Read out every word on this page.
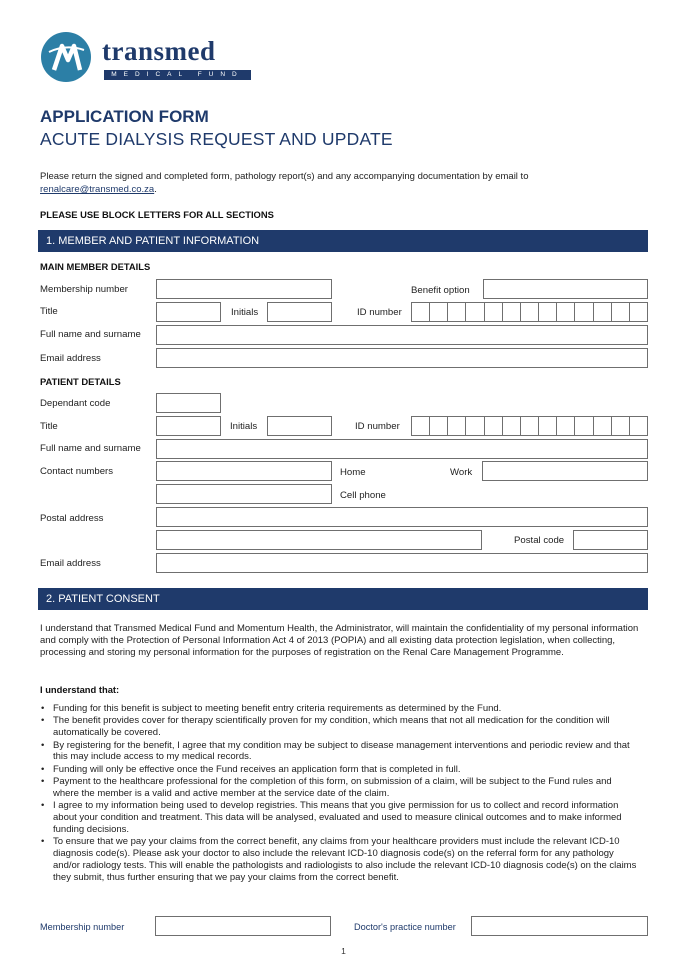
transmed
MEDICAL FUND
APPLICATION FORM
ACUTE DIALYSIS REQUEST AND UPDATE
Please return the signed and completed form, pathology report(s) and any accompanying documentation by email to renalcare@transmed.co.za.
PLEASE USE BLOCK LETTERS FOR ALL SECTIONS
1. MEMBER AND PATIENT INFORMATION
MAIN MEMBER DETAILS
Membership number	Benefit option
Title	Initials	ID number
Full name and surname
Email address
PATIENT DETAILS
Dependant code
Title	Initials	ID number
Full name and surname
Contact numbers	Home	Work
Cell phone
Postal address
Postal code
Email address
2. PATIENT CONSENT
I understand that Transmed Medical Fund and Momentum Health, the Administrator, will maintain the confidentiality of my personal information and comply with the Protection of Personal Information Act 4 of 2013 (POPIA) and all existing data protection legislation, when collecting, processing and storing my personal information for the purposes of registration on the Renal Care Management Programme.
I understand that:
• Funding for this benefit is subject to meeting benefit entry criteria requirements as determined by the Fund.
• The benefit provides cover for therapy scientifically proven for my condition, which means that not all medication for the condition will automatically be covered.
• By registering for the benefit, I agree that my condition may be subject to disease management interventions and periodic review and that this may include access to my medical records.
• Funding will only be effective once the Fund receives an application form that is completed in full.
• Payment to the healthcare professional for the completion of this form, on submission of a claim, will be subject to the Fund rules and where the member is a valid and active member at the service date of the claim.
• I agree to my information being used to develop registries. This means that you give permission for us to collect and record information about your condition and treatment. This data will be analysed, evaluated and used to measure clinical outcomes and to make informed funding decisions.
• To ensure that we pay your claims from the correct benefit, any claims from your healthcare providers must include the relevant ICD-10 diagnosis code(s). Please ask your doctor to also include the relevant ICD-10 diagnosis code(s) on the referral form for any pathology and/or radiology tests. This will enable the pathologists and radiologists to also include the relevant ICD-10 diagnosis code(s) on the claims they submit, thus further ensuring that we pay your claims from the correct benefit.
Membership number	Doctor's practice number
1
